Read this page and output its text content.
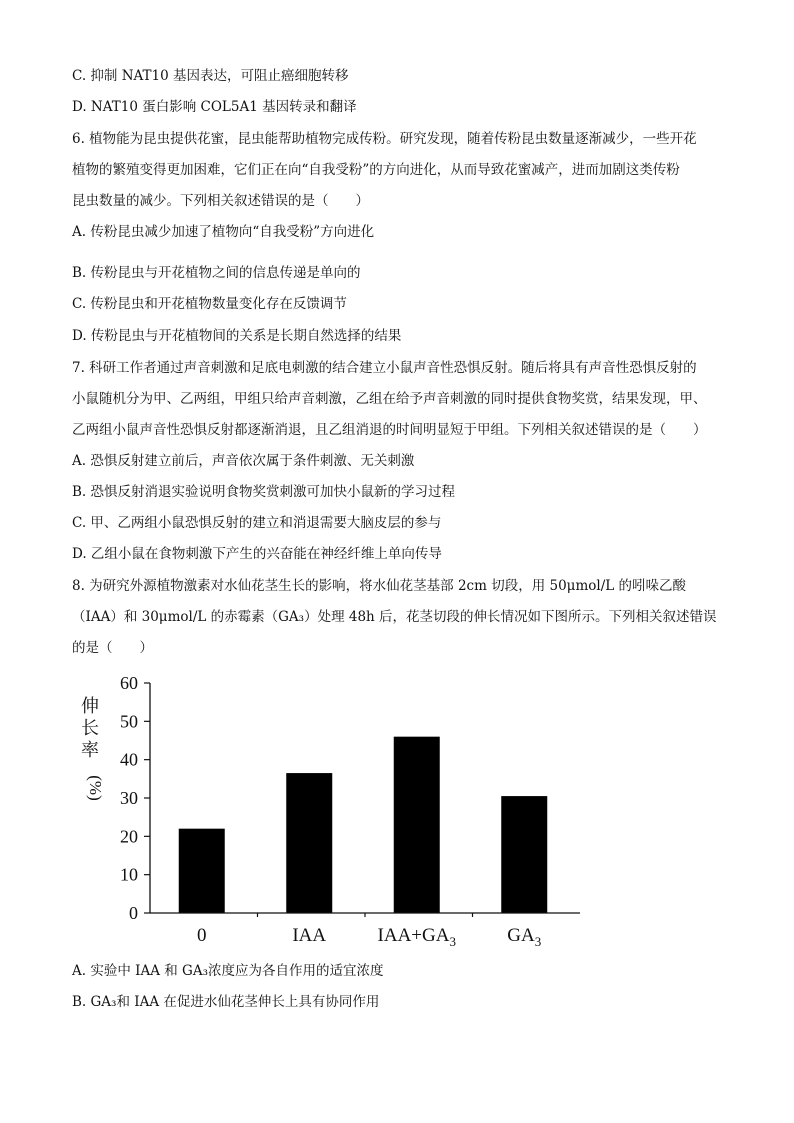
C. 抑制 NAT10 基因表达，可阻止癌细胞转移
D. NAT10 蛋白影响 COL5A1 基因转录和翻译
6. 植物能为昆虫提供花蜜，昆虫能帮助植物完成传粉。研究发现，随着传粉昆虫数量逐渐减少，一些开花
植物的繁殖变得更加困难，它们正在向“自我受粉”的方向进化，从而导致花蜜减产，进而加剧这类传粉
昆虫数量的减少。下列相关叙述错误的是（　　）
A. 传粉昆虫减少加速了植物向“自我受粉”方向进化
B. 传粉昆虫与开花植物之间的信息传递是单向的
C. 传粉昆虫和开花植物数量变化存在反馈调节
D. 传粉昆虫与开花植物间的关系是长期自然选择的结果
7. 科研工作者通过声音刺激和足底电刺激的结合建立小鼠声音性恐惧反射。随后将具有声音性恐惧反射的
小鼠随机分为甲、乙两组，甲组只给声音刺激，乙组在给予声音刺激的同时提供食物奖赏，结果发现，甲、
乙两组小鼠声音性恐惧反射都逐渐消退，且乙组消退的时间明显短于甲组。下列相关叙述错误的是（　　）
A. 恐惧反射建立前后，声音依次属于条件刺激、无关刺激
B. 恐惧反射消退实验说明食物奖赏刺激可加快小鼠新的学习过程
C. 甲、乙两组小鼠恐惧反射的建立和消退需要大脑皮层的参与
D. 乙组小鼠在食物刺激下产生的兴奋能在神经纤维上单向传导
8. 为研究外源植物激素对水仙花茎生长的影响，将水仙花茎基部 2cm 切段，用 50μmol/L 的吲哚乙酸
（IAA）和 30μmol/L 的赤霉素（GA₃）处理 48h 后，花茎切段的伸长情况如下图所示。下列相关叙述错误
的是（　　）
A. 实验中 IAA 和 GA₃浓度应为各自作用的适宜浓度
B. GA₃和 IAA 在促进水仙花茎伸长上具有协同作用
伸
长
率
(%)
0
10
20
30
40
50
60
0	IAA	$IAA+GA_3$	$GA_3$
